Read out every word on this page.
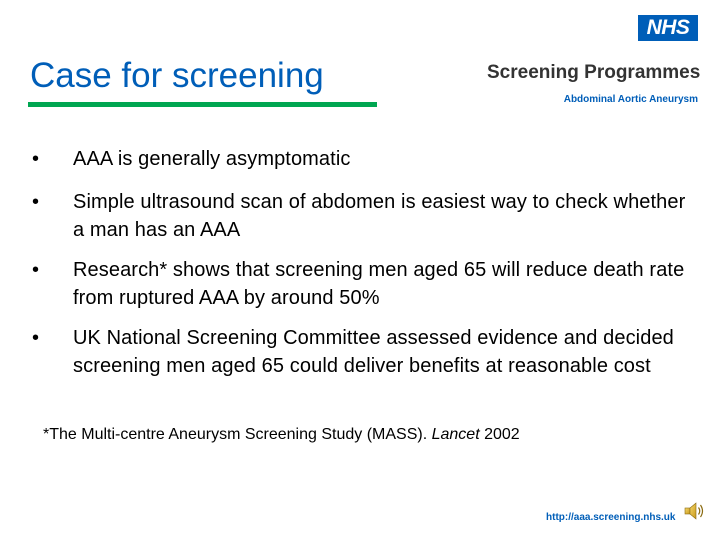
NHS
Screening Programmes
Abdominal Aortic Aneurysm
Case for screening
• AAA is generally asymptomatic
• Simple ultrasound scan of abdomen is easiest way to check whether a man has an AAA
• Research* shows that screening men aged 65 will reduce death rate from ruptured AAA by around 50%
• UK National Screening Committee assessed evidence and decided screening men aged 65 could deliver benefits at reasonable cost
*The Multi-centre Aneurysm Screening Study (MASS). Lancet 2002
http://aaa.screening.nhs.uk
